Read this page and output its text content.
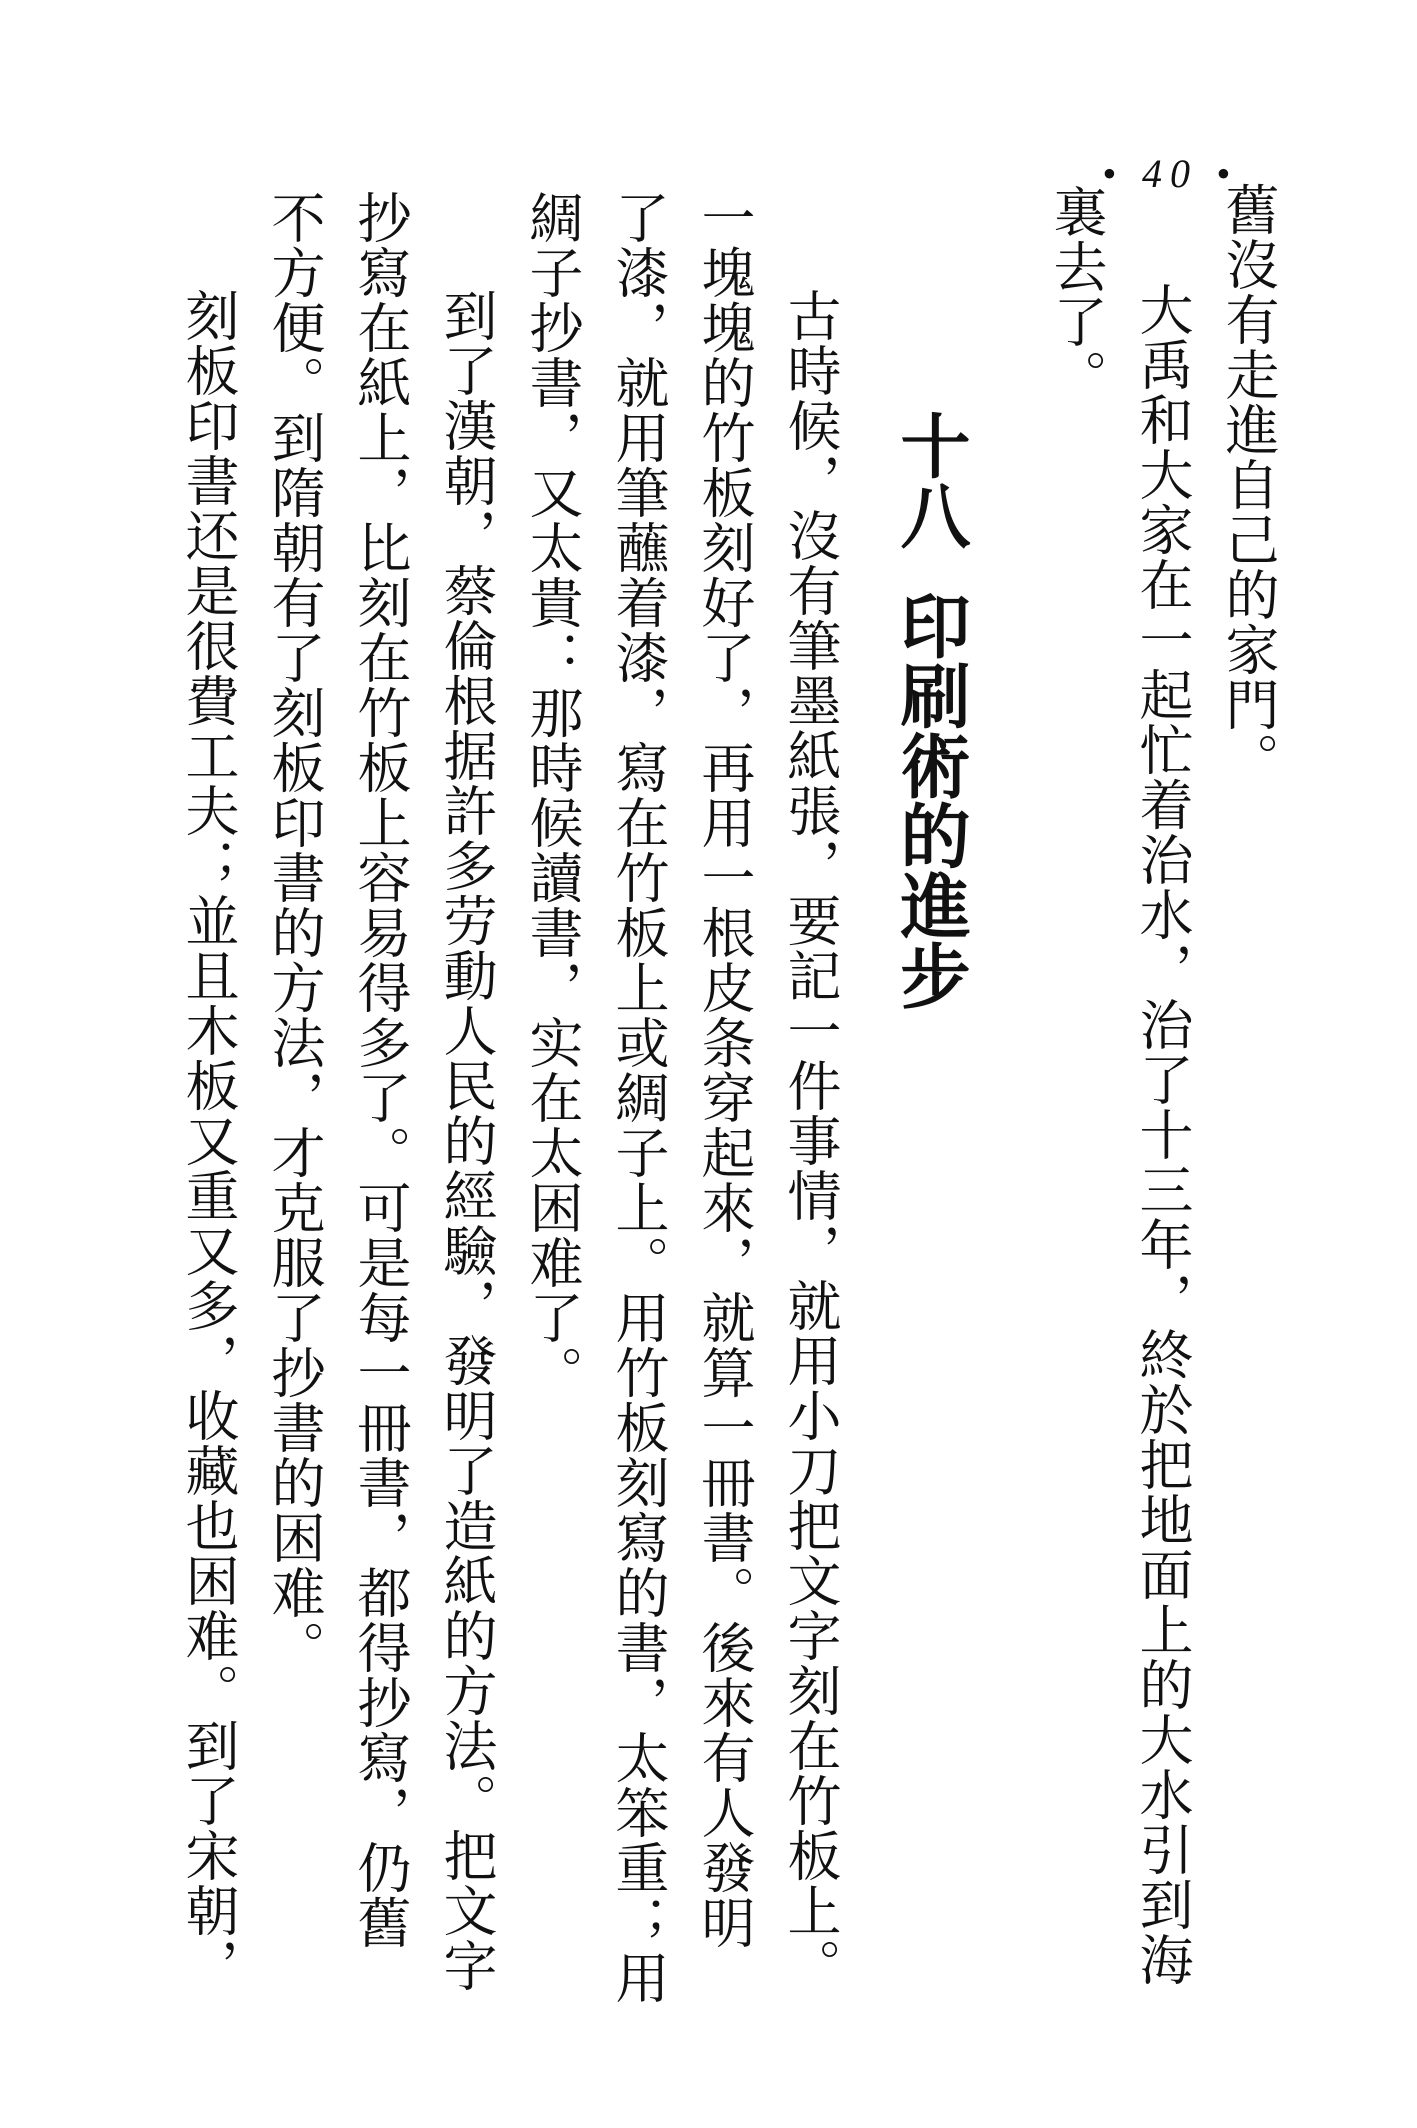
• 40 •
舊沒有走進自己的家門。
大禹和大家在一起忙着治水，治了十三年，終於把地面上的大水引到海
裏去了。
十八
印刷術的進步
古時候，沒有筆墨紙張，要記一件事情，就用小刀把文字刻在竹板上。
一塊塊的竹板刻好了，再用一根皮条穿起來，就算一冊書。後來有人發明
了漆，就用筆蘸着漆，寫在竹板上或綢子上。用竹板刻寫的書，太笨重；用
綢子抄書，又太貴：那時候讀書，实在太困难了。
到了漢朝，蔡倫根据許多劳動人民的經驗，發明了造紙的方法。把文字
抄寫在紙上，比刻在竹板上容易得多了。可是每一冊書，都得抄寫，仍舊
不方便。到隋朝有了刻板印書的方法，才克服了抄書的困难。
刻板印書还是很費工夫；並且木板又重又多，收藏也困难。到了宋朝，
